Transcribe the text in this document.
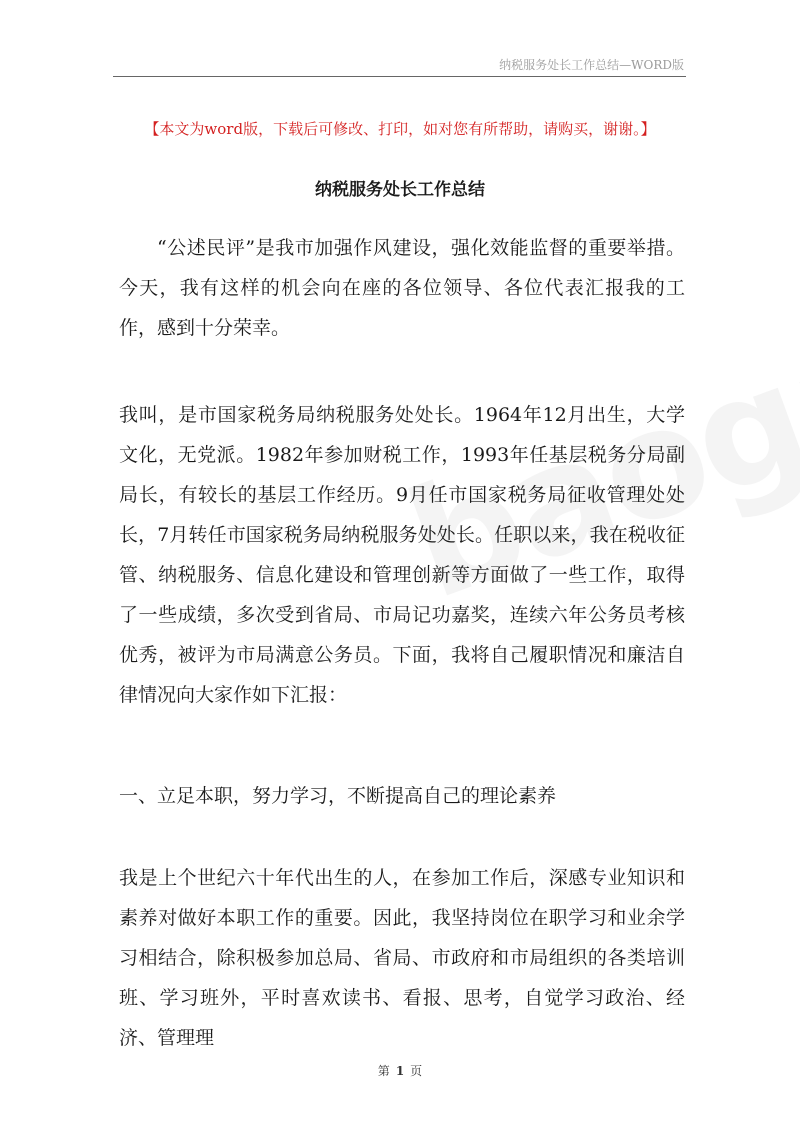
纳税服务处长工作总结—WORD版
【本文为word版，下载后可修改、打印，如对您有所帮助，请购买，谢谢。】
纳税服务处长工作总结

“公述民评”是我市加强作风建设，强化效能监督的重要举措。今天，我有这样的机会向在座的各位领导、各位代表汇报我的工作，感到十分荣幸。

我叫，是市国家税务局纳税服务处处长。1964年12月出生，大学文化，无党派。1982年参加财税工作，1993年任基层税务分局副局长，有较长的基层工作经历。9月任市国家税务局征收管理处处长，7月转任市国家税务局纳税服务处处长。任职以来，我在税收征管、纳税服务、信息化建设和管理创新等方面做了一些工作，取得了一些成绩，多次受到省局、市局记功嘉奖，连续六年公务员考核优秀，被评为市局满意公务员。下面，我将自己履职情况和廉洁自律情况向大家作如下汇报：

一、立足本职，努力学习，不断提高自己的理论素养

我是上个世纪六十年代出生的人，在参加工作后，深感专业知识和素养对做好本职工作的重要。因此，我坚持岗位在职学习和业余学习相结合，除积极参加总局、省局、市政府和市局组织的各类培训班、学习班外，平时喜欢读书、看报、思考，自觉学习政治、经济、管理理

第 1 页
